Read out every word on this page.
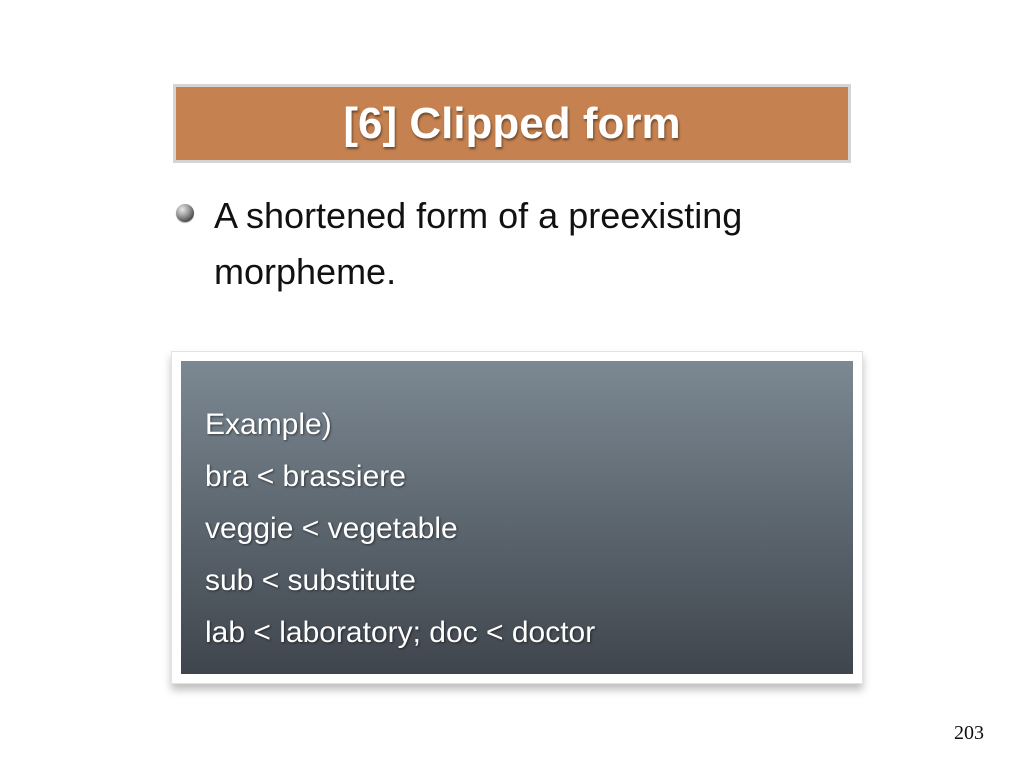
[6] Clipped form
A shortened form of a preexisting morpheme.
Example)
bra < brassiere
veggie < vegetable
sub < substitute
lab < laboratory; doc < doctor
203
